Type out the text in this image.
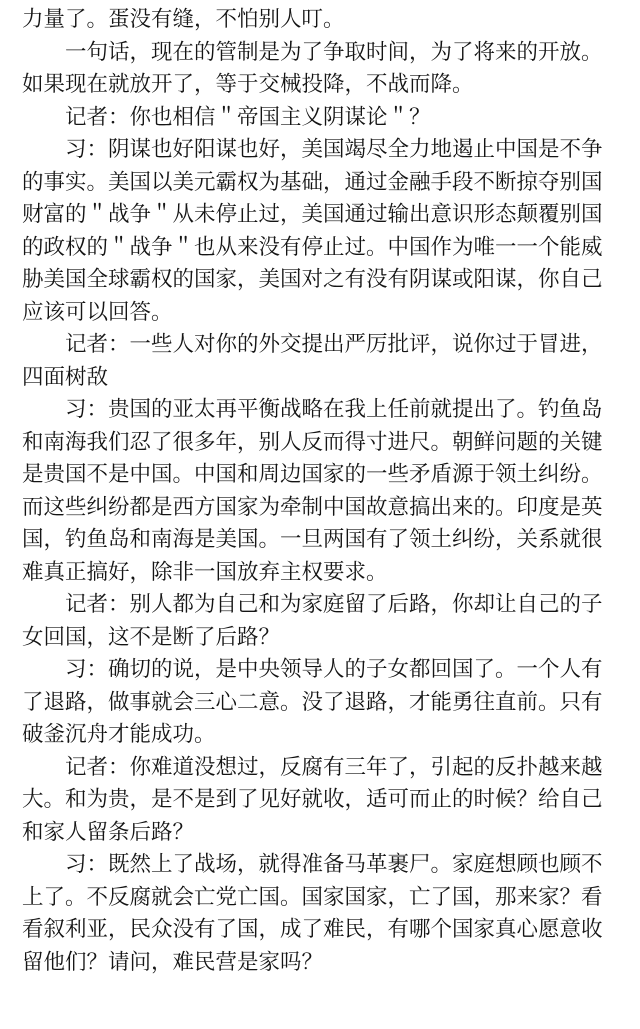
力量了。蛋没有缝，不怕别人叮。
　　一句话，现在的管制是为了争取时间，为了将来的开放。
如果现在就放开了，等于交械投降，不战而降。
　　记者：你也相信＂帝国主义阴谋论＂？
　　习：阴谋也好阳谋也好，美国竭尽全力地遏止中国是不争
的事实。美国以美元霸权为基础，通过金融手段不断掠夺别国
财富的＂战争＂从未停止过，美国通过输出意识形态颠覆别国
的政权的＂战争＂也从来没有停止过。中国作为唯一一个能威
胁美国全球霸权的国家，美国对之有没有阴谋或阳谋，你自己
应该可以回答。
　　记者：一些人对你的外交提出严厉批评，说你过于冒进，
四面树敌
　　习：贵国的亚太再平衡战略在我上任前就提出了。钓鱼岛
和南海我们忍了很多年，别人反而得寸进尺。朝鲜问题的关键
是贵国不是中国。中国和周边国家的一些矛盾源于领土纠纷。
而这些纠纷都是西方国家为牵制中国故意搞出来的。印度是英
国，钓鱼岛和南海是美国。一旦两国有了领土纠纷，关系就很
难真正搞好，除非一国放弃主权要求。
　　记者：别人都为自己和为家庭留了后路，你却让自己的子
女回国，这不是断了后路？
　　习：确切的说，是中央领导人的子女都回国了。一个人有
了退路，做事就会三心二意。没了退路，才能勇往直前。只有
破釜沉舟才能成功。
　　记者：你难道没想过，反腐有三年了，引起的反扑越来越
大。和为贵，是不是到了见好就收，适可而止的时候？给自己
和家人留条后路？
　　习：既然上了战场，就得准备马革裹尸。家庭想顾也顾不
上了。不反腐就会亡党亡国。国家国家，亡了国，那来家？看
看叙利亚，民众没有了国，成了难民，有哪个国家真心愿意收
留他们？请问，难民营是家吗？
